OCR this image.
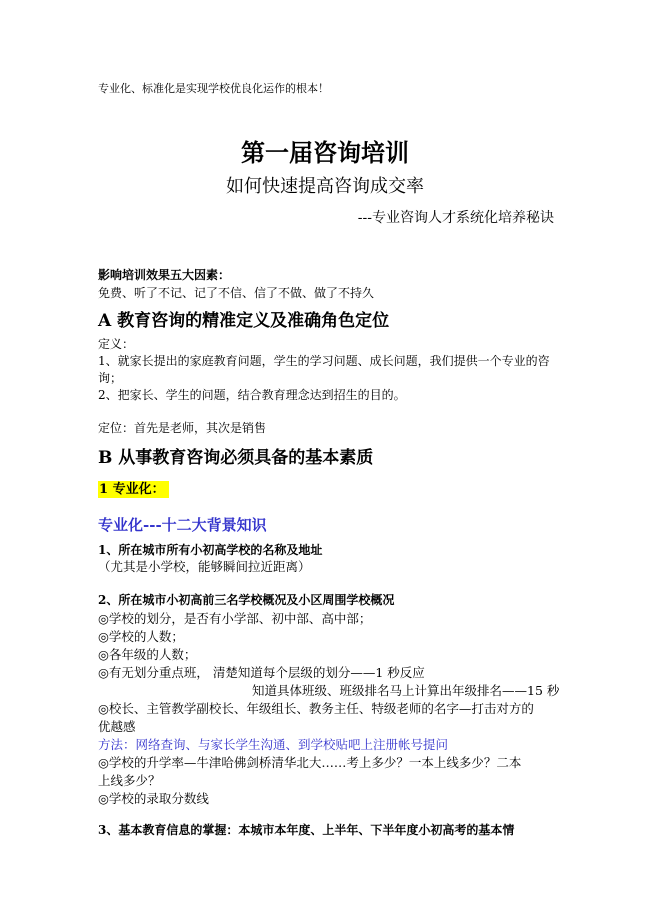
专业化、标准化是实现学校优良化运作的根本！
第一届咨询培训
如何快速提高咨询成交率
---专业咨询人才系统化培养秘诀
影响培训效果五大因素：
免费、听了不记、记了不信、信了不做、做了不持久
A 教育咨询的精准定义及准确角色定位
定义：
1、就家长提出的家庭教育问题，学生的学习问题、成长问题，我们提供一个专业的咨
询；
2、把家长、学生的问题，结合教育理念达到招生的目的。
定位：首先是老师，其次是销售
B 从事教育咨询必须具备的基本素质
1 专业化：
专业化---十二大背景知识
1、所在城市所有小初高学校的名称及地址
（尤其是小学校，能够瞬间拉近距离）
2、所在城市小初高前三名学校概况及小区周围学校概况
◎学校的划分，是否有小学部、初中部、高中部；
◎学校的人数；
◎各年级的人数；
◎有无划分重点班， 清楚知道每个层级的划分——1 秒反应
知道具体班级、班级排名马上计算出年级排名——15 秒
◎校长、主管教学副校长、年级组长、教务主任、特级老师的名字—打击对方的
优越感
方法：网络查询、与家长学生沟通、到学校贴吧上注册帐号提问
◎学校的升学率—牛津哈佛剑桥清华北大……考上多少？一本上线多少？二本
上线多少？
◎学校的录取分数线
3、基本教育信息的掌握：本城市本年度、上半年、下半年度小初高考的基本情
